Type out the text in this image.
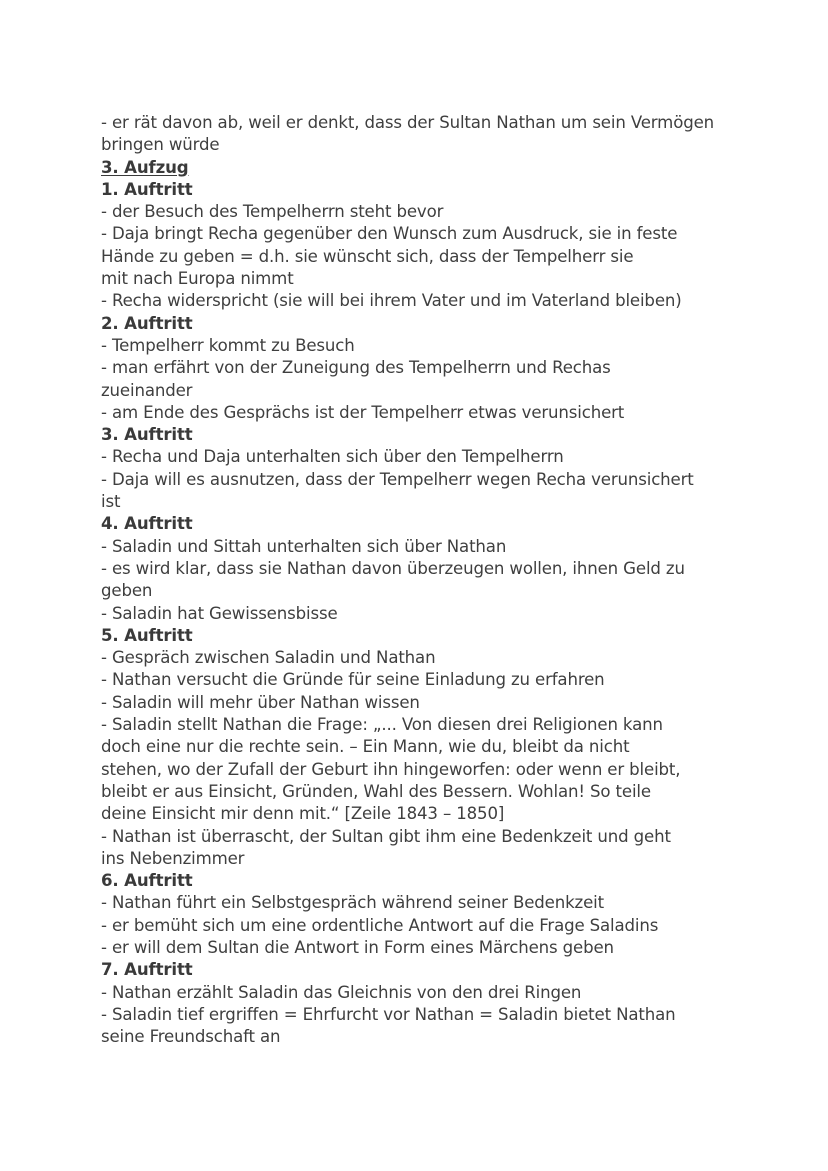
- er rät davon ab, weil er denkt, dass der Sultan Nathan um sein Vermögen
bringen würde
3. Aufzug
1. Auftritt
- der Besuch des Tempelherrn steht bevor
- Daja bringt Recha gegenüber den Wunsch zum Ausdruck, sie in feste
Hände zu geben = d.h. sie wünscht sich, dass der Tempelherr sie
mit nach Europa nimmt
- Recha widerspricht (sie will bei ihrem Vater und im Vaterland bleiben)
2. Auftritt
- Tempelherr kommt zu Besuch
- man erfährt von der Zuneigung des Tempelherrn und Rechas
zueinander
- am Ende des Gesprächs ist der Tempelherr etwas verunsichert
3. Auftritt
- Recha und Daja unterhalten sich über den Tempelherrn
- Daja will es ausnutzen, dass der Tempelherr wegen Recha verunsichert
ist
4. Auftritt
- Saladin und Sittah unterhalten sich über Nathan
- es wird klar, dass sie Nathan davon überzeugen wollen, ihnen Geld zu
geben
- Saladin hat Gewissensbisse
5. Auftritt
- Gespräch zwischen Saladin und Nathan
- Nathan versucht die Gründe für seine Einladung zu erfahren
- Saladin will mehr über Nathan wissen
- Saladin stellt Nathan die Frage: „... Von diesen drei Religionen kann
doch eine nur die rechte sein. – Ein Mann, wie du, bleibt da nicht
stehen, wo der Zufall der Geburt ihn hingeworfen: oder wenn er bleibt,
bleibt er aus Einsicht, Gründen, Wahl des Bessern. Wohlan! So teile
deine Einsicht mir denn mit.“ [Zeile 1843 – 1850]
- Nathan ist überrascht, der Sultan gibt ihm eine Bedenkzeit und geht
ins Nebenzimmer
6. Auftritt
- Nathan führt ein Selbstgespräch während seiner Bedenkzeit
- er bemüht sich um eine ordentliche Antwort auf die Frage Saladins
- er will dem Sultan die Antwort in Form eines Märchens geben
7. Auftritt
- Nathan erzählt Saladin das Gleichnis von den drei Ringen
- Saladin tief ergriffen = Ehrfurcht vor Nathan = Saladin bietet Nathan
seine Freundschaft an
